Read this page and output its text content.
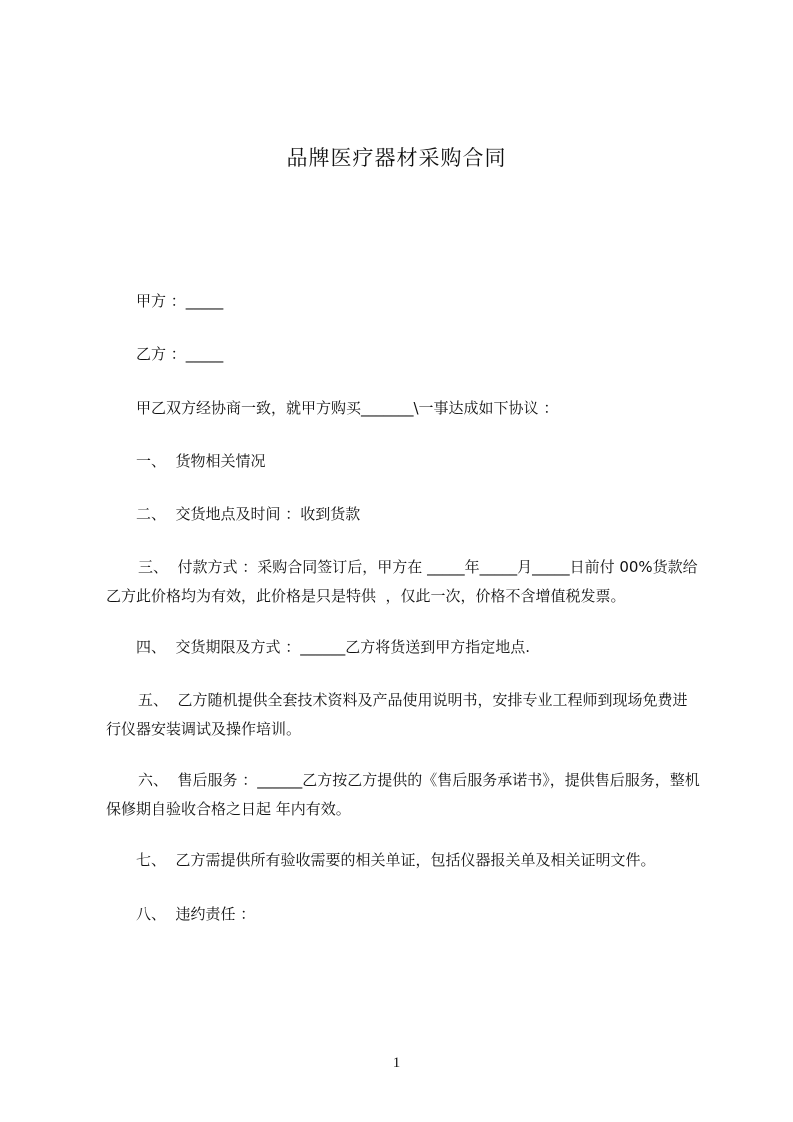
品牌医疗器材采购合同

甲方 ：_____

乙方 ：_____

甲乙双方经协商一致，就甲方购买_______\一事达成如下协议 ：

一、  货物相关情况

二、  交货地点及时间 ：收到货款

三、  付款方式 ：采购合同签订后，甲方在 _____年_____月_____日前付 00%货款给乙方此价格均为有效，此价格是只是特供  ，仅此一次，价格不含增值税发票。

四、  交货期限及方式 ：______乙方将货送到甲方指定地点.

五、  乙方随机提供全套技术资料及产品使用说明书，安排专业工程师到现场免费进行仪器安装调试及操作培训。

六、  售后服务 ：______乙方按乙方提供的《售后服务承诺书》，提供售后服务，整机保修期自验收合格之日起 年内有效。

七、  乙方需提供所有验收需要的相关单证，包括仪器报关单及相关证明文件。

八、  违约责任 ：

1
